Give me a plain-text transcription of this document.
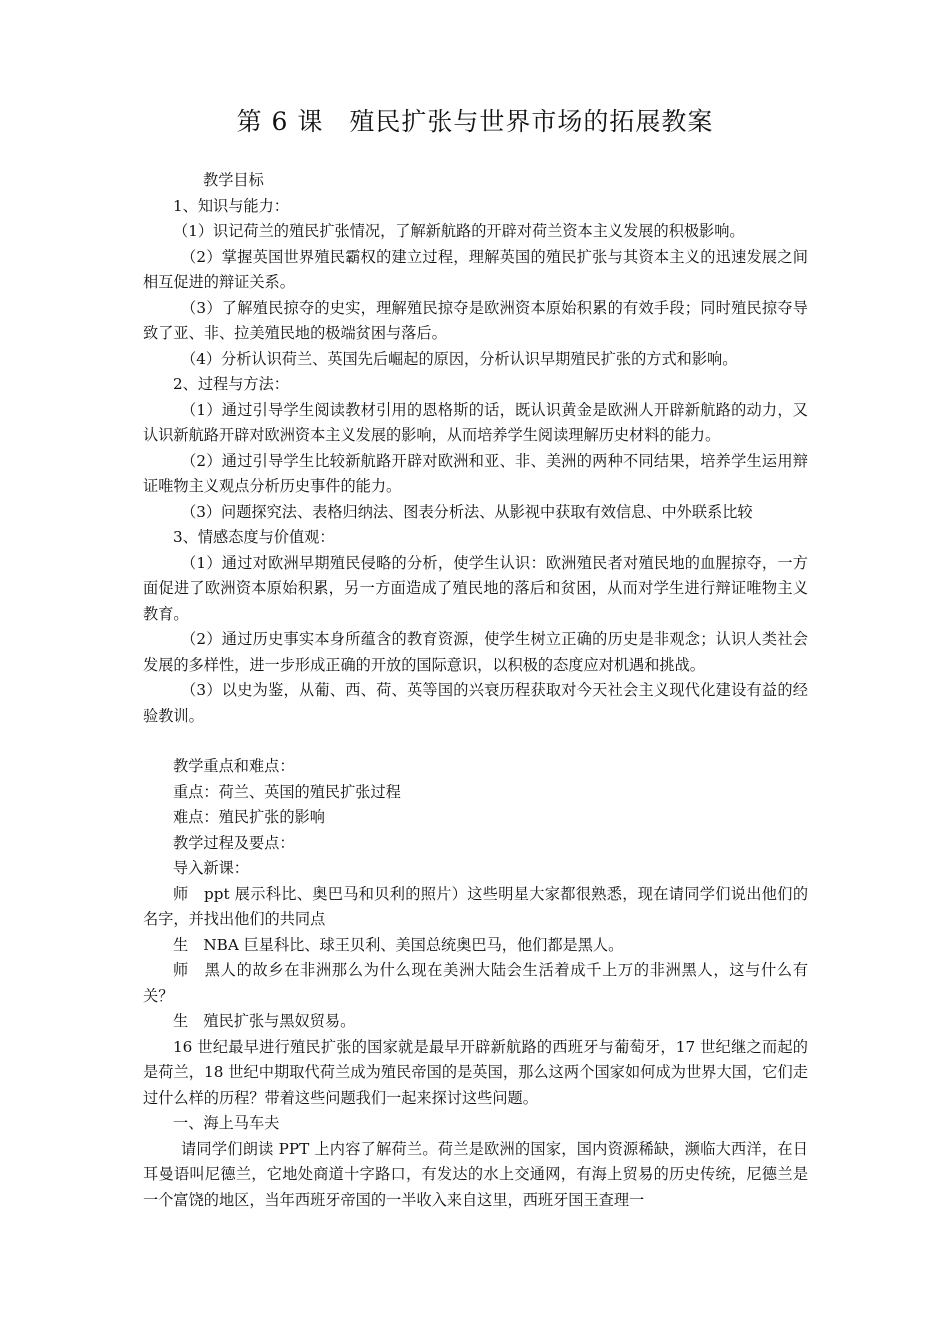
第 6 课　殖民扩张与世界市场的拓展教案

教学目标

1、知识与能力：

（1）识记荷兰的殖民扩张情况，了解新航路的开辟对荷兰资本主义发展的积极影响。

（2）掌握英国世界殖民霸权的建立过程，理解英国的殖民扩张与其资本主义的迅速发展之间相互促进的辩证关系。

（3）了解殖民掠夺的史实，理解殖民掠夺是欧洲资本原始积累的有效手段；同时殖民掠夺导致了亚、非、拉美殖民地的极端贫困与落后。

（4）分析认识荷兰、英国先后崛起的原因，分析认识早期殖民扩张的方式和影响。

2、过程与方法：

（1）通过引导学生阅读教材引用的恩格斯的话，既认识黄金是欧洲人开辟新航路的动力，又认识新航路开辟对欧洲资本主义发展的影响，从而培养学生阅读理解历史材料的能力。

（2）通过引导学生比较新航路开辟对欧洲和亚、非、美洲的两种不同结果，培养学生运用辩证唯物主义观点分析历史事件的能力。

（3）问题探究法、表格归纳法、图表分析法、从影视中获取有效信息、中外联系比较

3、情感态度与价值观：

（1）通过对欧洲早期殖民侵略的分析，使学生认识：欧洲殖民者对殖民地的血腥掠夺，一方面促进了欧洲资本原始积累，另一方面造成了殖民地的落后和贫困，从而对学生进行辩证唯物主义教育。

（2）通过历史事实本身所蕴含的教育资源，使学生树立正确的历史是非观念；认识人类社会发展的多样性，进一步形成正确的开放的国际意识，以积极的态度应对机遇和挑战。

（3）以史为鉴，从葡、西、荷、英等国的兴衰历程获取对今天社会主义现代化建设有益的经验教训。

教学重点和难点：

重点：荷兰、英国的殖民扩张过程

难点：殖民扩张的影响

教学过程及要点：

导入新课：

师　ppt 展示科比、奥巴马和贝利的照片）这些明星大家都很熟悉，现在请同学们说出他们的名字，并找出他们的共同点

生　NBA 巨星科比、球王贝利、美国总统奥巴马，他们都是黑人。

师　黑人的故乡在非洲那么为什么现在美洲大陆会生活着成千上万的非洲黑人，这与什么有关？

生　殖民扩张与黑奴贸易。

16 世纪最早进行殖民扩张的国家就是最早开辟新航路的西班牙与葡萄牙，17 世纪继之而起的是荷兰，18 世纪中期取代荷兰成为殖民帝国的是英国，那么这两个国家如何成为世界大国，它们走过什么样的历程？带着这些问题我们一起来探讨这些问题。

一、海上马车夫

请同学们朗读 PPT 上内容了解荷兰。荷兰是欧洲的国家，国内资源稀缺，濒临大西洋，在日耳曼语叫尼德兰，它地处商道十字路口，有发达的水上交通网，有海上贸易的历史传统，尼德兰是一个富饶的地区，当年西班牙帝国的一半收入来自这里，西班牙国王查理一
